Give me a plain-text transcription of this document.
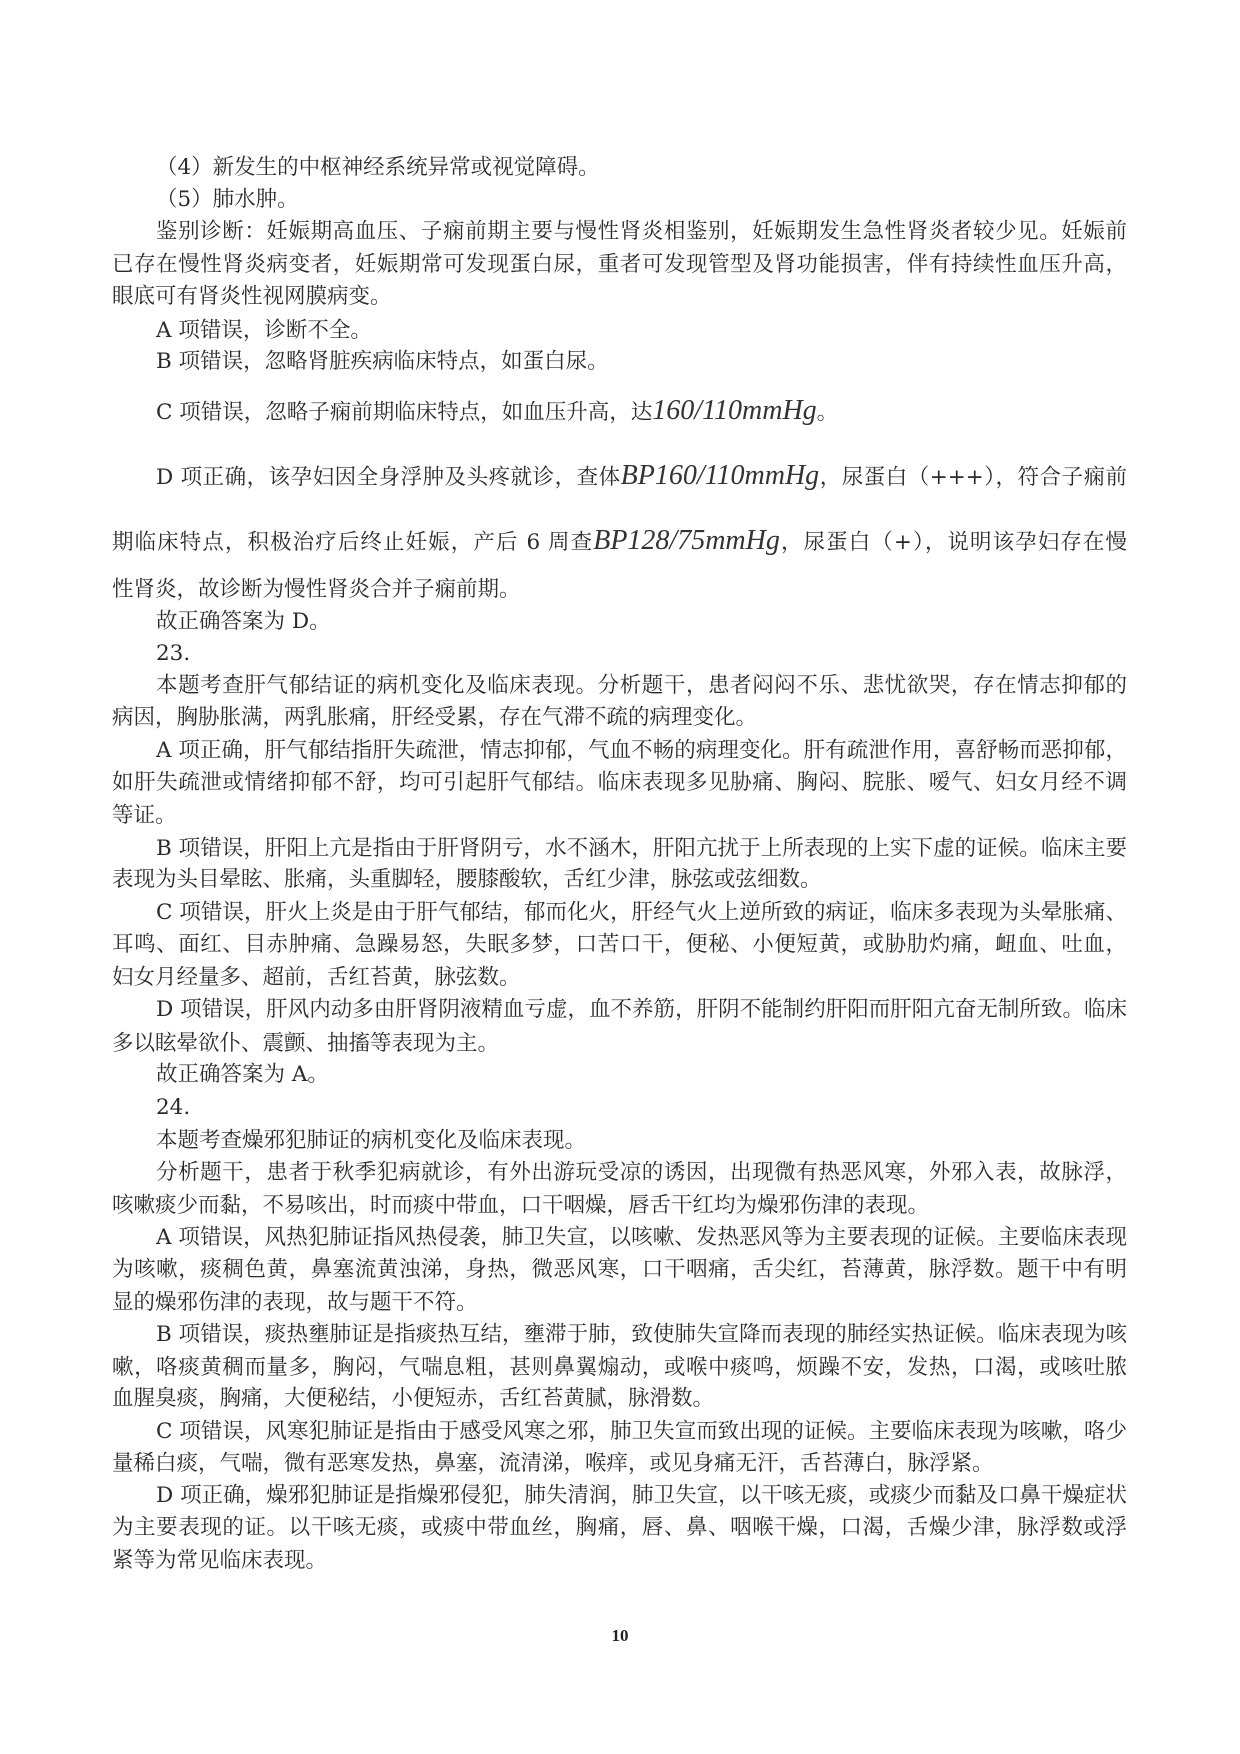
（4）新发生的中枢神经系统异常或视觉障碍。
（5）肺水肿。
鉴别诊断：妊娠期高血压、子痫前期主要与慢性肾炎相鉴别，妊娠期发生急性肾炎者较少见。妊娠前
已存在慢性肾炎病变者，妊娠期常可发现蛋白尿，重者可发现管型及肾功能损害，伴有持续性血压升高，
眼底可有肾炎性视网膜病变。
A 项错误，诊断不全。
B 项错误，忽略肾脏疾病临床特点，如蛋白尿。
C 项错误，忽略子痫前期临床特点，如血压升高，达160/110mmHg。
D 项正确，该孕妇因全身浮肿及头疼就诊，查体BP160/110mmHg，尿蛋白（+++），符合子痫前
期临床特点，积极治疗后终止妊娠，产后 6 周查BP128/75mmHg，尿蛋白（+），说明该孕妇存在慢
性肾炎，故诊断为慢性肾炎合并子痫前期。
故正确答案为 D。
23.
本题考查肝气郁结证的病机变化及临床表现。分析题干，患者闷闷不乐、悲忧欲哭，存在情志抑郁的
病因，胸胁胀满，两乳胀痛，肝经受累，存在气滞不疏的病理变化。
A 项正确，肝气郁结指肝失疏泄，情志抑郁，气血不畅的病理变化。肝有疏泄作用，喜舒畅而恶抑郁，
如肝失疏泄或情绪抑郁不舒，均可引起肝气郁结。临床表现多见胁痛、胸闷、脘胀、嗳气、妇女月经不调
等证。
B 项错误，肝阳上亢是指由于肝肾阴亏，水不涵木，肝阳亢扰于上所表现的上实下虚的证候。临床主要
表现为头目晕眩、胀痛，头重脚轻，腰膝酸软，舌红少津，脉弦或弦细数。
C 项错误，肝火上炎是由于肝气郁结，郁而化火，肝经气火上逆所致的病证，临床多表现为头晕胀痛、
耳鸣、面红、目赤肿痛、急躁易怒，失眠多梦，口苦口干，便秘、小便短黄，或胁肋灼痛，衄血、吐血，
妇女月经量多、超前，舌红苔黄，脉弦数。
D 项错误，肝风内动多由肝肾阴液精血亏虚，血不养筋，肝阴不能制约肝阳而肝阳亢奋无制所致。临床
多以眩晕欲仆、震颤、抽搐等表现为主。
故正确答案为 A。
24.
本题考查燥邪犯肺证的病机变化及临床表现。
分析题干，患者于秋季犯病就诊，有外出游玩受凉的诱因，出现微有热恶风寒，外邪入表，故脉浮，
咳嗽痰少而黏，不易咳出，时而痰中带血，口干咽燥，唇舌干红均为燥邪伤津的表现。
A 项错误，风热犯肺证指风热侵袭，肺卫失宣，以咳嗽、发热恶风等为主要表现的证候。主要临床表现
为咳嗽，痰稠色黄，鼻塞流黄浊涕，身热，微恶风寒，口干咽痛，舌尖红，苔薄黄，脉浮数。题干中有明
显的燥邪伤津的表现，故与题干不符。
B 项错误，痰热壅肺证是指痰热互结，壅滞于肺，致使肺失宣降而表现的肺经实热证候。临床表现为咳
嗽，咯痰黄稠而量多，胸闷，气喘息粗，甚则鼻翼煽动，或喉中痰鸣，烦躁不安，发热，口渴，或咳吐脓
血腥臭痰，胸痛，大便秘结，小便短赤，舌红苔黄腻，脉滑数。
C 项错误，风寒犯肺证是指由于感受风寒之邪，肺卫失宣而致出现的证候。主要临床表现为咳嗽，咯少
量稀白痰，气喘，微有恶寒发热，鼻塞，流清涕，喉痒，或见身痛无汗，舌苔薄白，脉浮紧。
D 项正确，燥邪犯肺证是指燥邪侵犯，肺失清润，肺卫失宣，以干咳无痰，或痰少而黏及口鼻干燥症状
为主要表现的证。以干咳无痰，或痰中带血丝，胸痛，唇、鼻、咽喉干燥，口渴，舌燥少津，脉浮数或浮
紧等为常见临床表现。
10
